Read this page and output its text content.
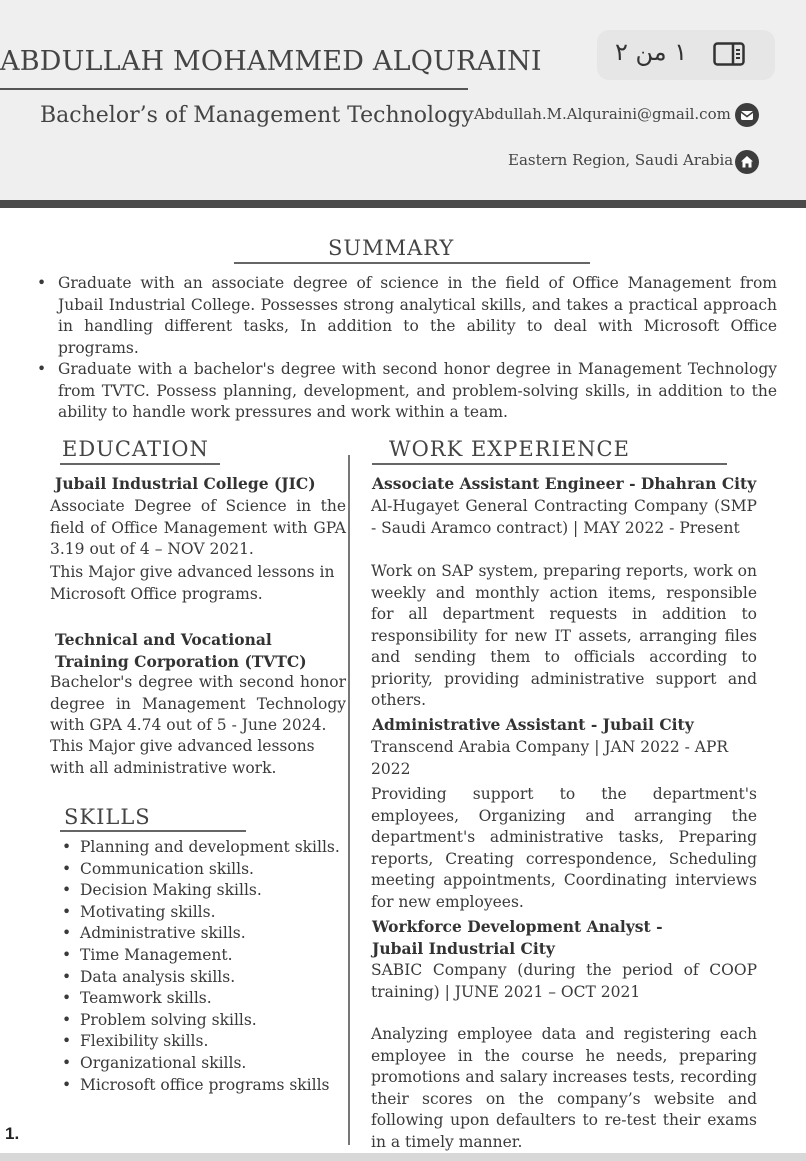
ABDULLAH MOHAMMED ALQURAINI
Bachelor’s of Management Technology
١ من ٢
Abdullah.M.Alquraini@gmail.com
Eastern Region, Saudi Arabia
SUMMARY
• Graduate with an associate degree of science in the field of Office Management from Jubail Industrial College. Possesses strong analytical skills, and takes a practical approach in handling different tasks, In addition to the ability to deal with Microsoft Office programs.
• Graduate with a bachelor's degree with second honor degree in Management Technology from TVTC. Possess planning, development, and problem-solving skills, in addition to the ability to handle work pressures and work within a team.
EDUCATION
Jubail Industrial College (JIC)
Associate Degree of Science in the field of Office Management with GPA 3.19 out of 4 – NOV 2021.
This Major give advanced lessons in Microsoft Office programs.
Technical and Vocational Training Corporation (TVTC)
Bachelor's degree with second honor degree in Management Technology with GPA 4.74 out of 5 - June 2024.
This Major give advanced lessons with all administrative work.
SKILLS
• Planning and development skills.
• Communication skills.
• Decision Making skills.
• Motivating skills.
• Administrative skills.
• Time Management.
• Data analysis skills.
• Teamwork skills.
• Problem solving skills.
• Flexibility skills.
• Organizational skills.
• Microsoft office programs skills
WORK EXPERIENCE
Associate Assistant Engineer - Dhahran City
Al-Hugayet General Contracting Company (SMP - Saudi Aramco contract) | MAY 2022 - Present
Work on SAP system, preparing reports, work on weekly and monthly action items, responsible for all department requests in addition to responsibility for new IT assets, arranging files and sending them to officials according to priority, providing administrative support and others.
Administrative Assistant - Jubail City
Transcend Arabia Company | JAN 2022 - APR 2022
Providing support to the department's employees, Organizing and arranging the department's administrative tasks, Preparing reports, Creating correspondence, Scheduling meeting appointments, Coordinating interviews for new employees.
Workforce Development Analyst - Jubail Industrial City
SABIC Company (during the period of COOP training) | JUNE 2021 – OCT 2021
Analyzing employee data and registering each employee in the course he needs, preparing promotions and salary increases tests, recording their scores on the company’s website and following upon defaulters to re-test their exams in a timely manner.
1.
